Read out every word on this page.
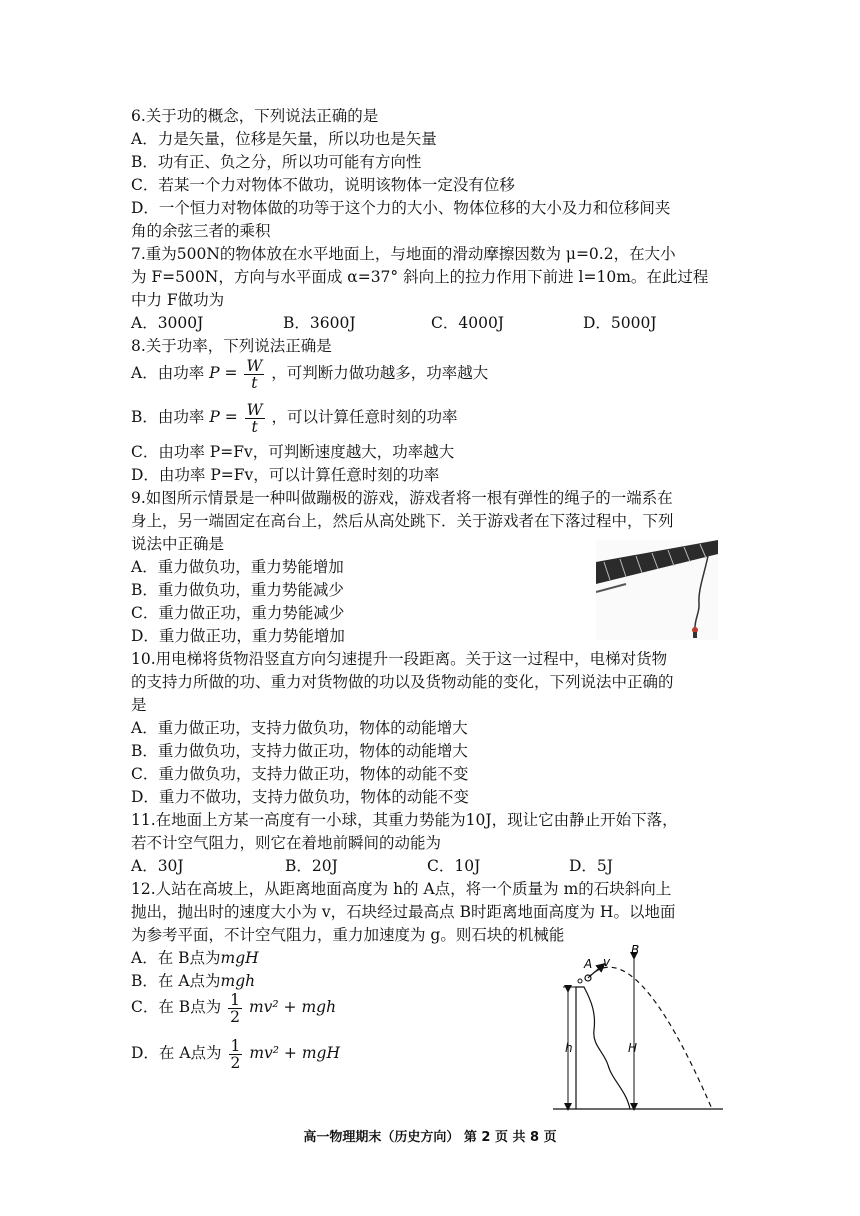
6.关于功的概念，下列说法正确的是
A．力是矢量，位移是矢量，所以功也是矢量
B．功有正、负之分，所以功可能有方向性
C．若某一个力对物体不做功，说明该物体一定没有位移
D．一个恒力对物体做的功等于这个力的大小、物体位移的大小及力和位移间夹
角的余弦三者的乘积
7.重为500N的物体放在水平地面上，与地面的滑动摩擦因数为 μ=0.2，在大小
为 F=500N，方向与水平面成 α=37° 斜向上的拉力作用下前进 l=10m。在此过程
中力 F做功为
A．3000J	B．3600J	C．4000J	D．5000J
8.关于功率，下列说法正确是
A．由功率 $P = \frac{W}{t}$ ，可判断力做功越多，功率越大
B．由功率 $P = \frac{W}{t}$ ，可以计算任意时刻的功率
C．由功率 P=Fv，可判断速度越大，功率越大
D．由功率 P=Fv，可以计算任意时刻的功率
9.如图所示情景是一种叫做蹦极的游戏，游戏者将一根有弹性的绳子的一端系在
身上，另一端固定在高台上，然后从高处跳下．关于游戏者在下落过程中，下列
说法中正确是
A．重力做负功，重力势能增加
B．重力做负功，重力势能减少
C．重力做正功，重力势能减少
D．重力做正功，重力势能增加
10.用电梯将货物沿竖直方向匀速提升一段距离。关于这一过程中，电梯对货物
的支持力所做的功、重力对货物做的功以及货物动能的变化，下列说法中正确的
是
A．重力做正功，支持力做负功，物体的动能增大
B．重力做负功，支持力做正功，物体的动能增大
C．重力做负功，支持力做正功，物体的动能不变
D．重力不做功，支持力做负功，物体的动能不变
11.在地面上方某一高度有一小球，其重力势能为10J，现让它由静止开始下落，
若不计空气阻力，则它在着地前瞬间的动能为
A．30J	B．20J	C．10J	D．5J
12.人站在高坡上，从距离地面高度为 h的 A点，将一个质量为 m的石块斜向上
抛出，抛出时的速度大小为 v，石块经过最高点 B时距离地面高度为 H。以地面
为参考平面，不计空气阻力，重力加速度为 g。则石块的机械能
A．在 B点为mgH
B．在 A点为mgh
C．在 B点为 $\frac{1}{2} mv^2$ + mgh
D．在 A点为 $\frac{1}{2} mv^2$ + mgH
A v
B
h	H
高一物理期末（历史方向） 第 2 页 共 8 页
